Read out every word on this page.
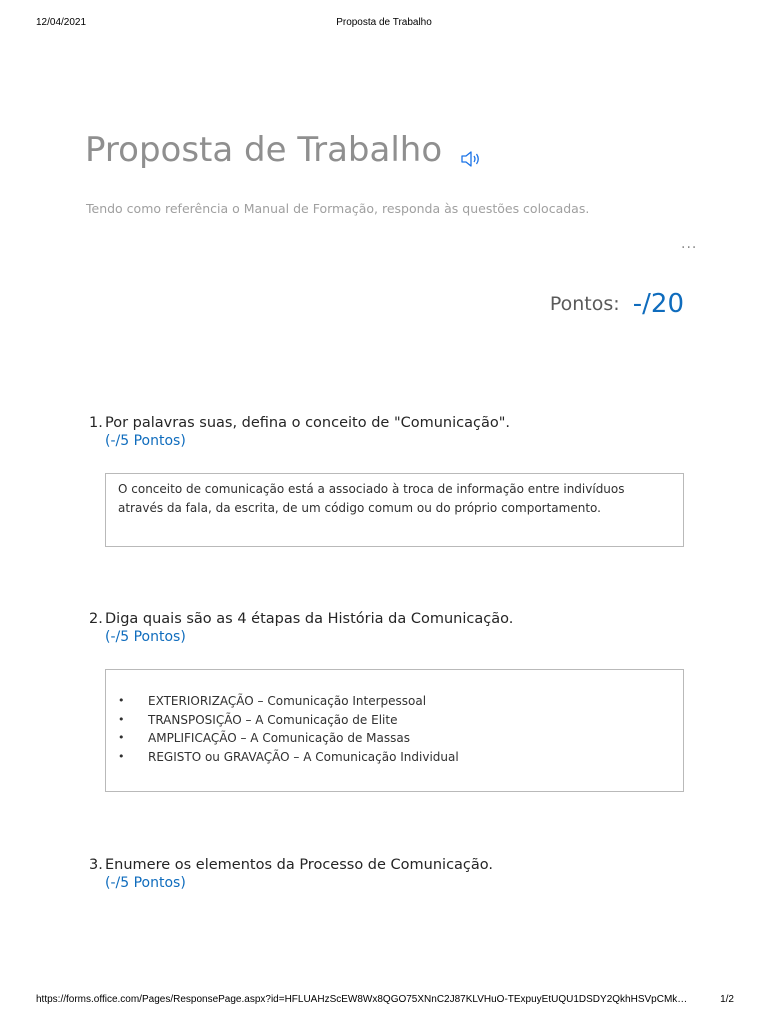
12/04/2021	Proposta de Trabalho
Proposta de Trabalho
Tendo como referência o Manual de Formação, responda às questões colocadas.
···
Pontos: -/20
1. Por palavras suas, defina o conceito de "Comunicação".
(-/5 Pontos)
O conceito de comunicação está a associado à troca de informação entre indivíduos através da fala, da escrita, de um código comum ou do próprio comportamento.
2. Diga quais são as 4 étapas da História da Comunicação.
(-/5 Pontos)
• EXTERIORIZAÇÃO – Comunicação Interpessoal
• TRANSPOSIÇÃO – A Comunicação de Elite
• AMPLIFICAÇÃO – A Comunicação de Massas
• REGISTO ou GRAVAÇÃO – A Comunicação Individual
3. Enumere os elementos da Processo de Comunicação.
(-/5 Pontos)
https://forms.office.com/Pages/ResponsePage.aspx?id=HFLUAHzScEW8Wx8QGO75XNnC2J87KLVHuO-TExpuyEtUQU1DSDY2QkhHSVpCMk…	1/2
